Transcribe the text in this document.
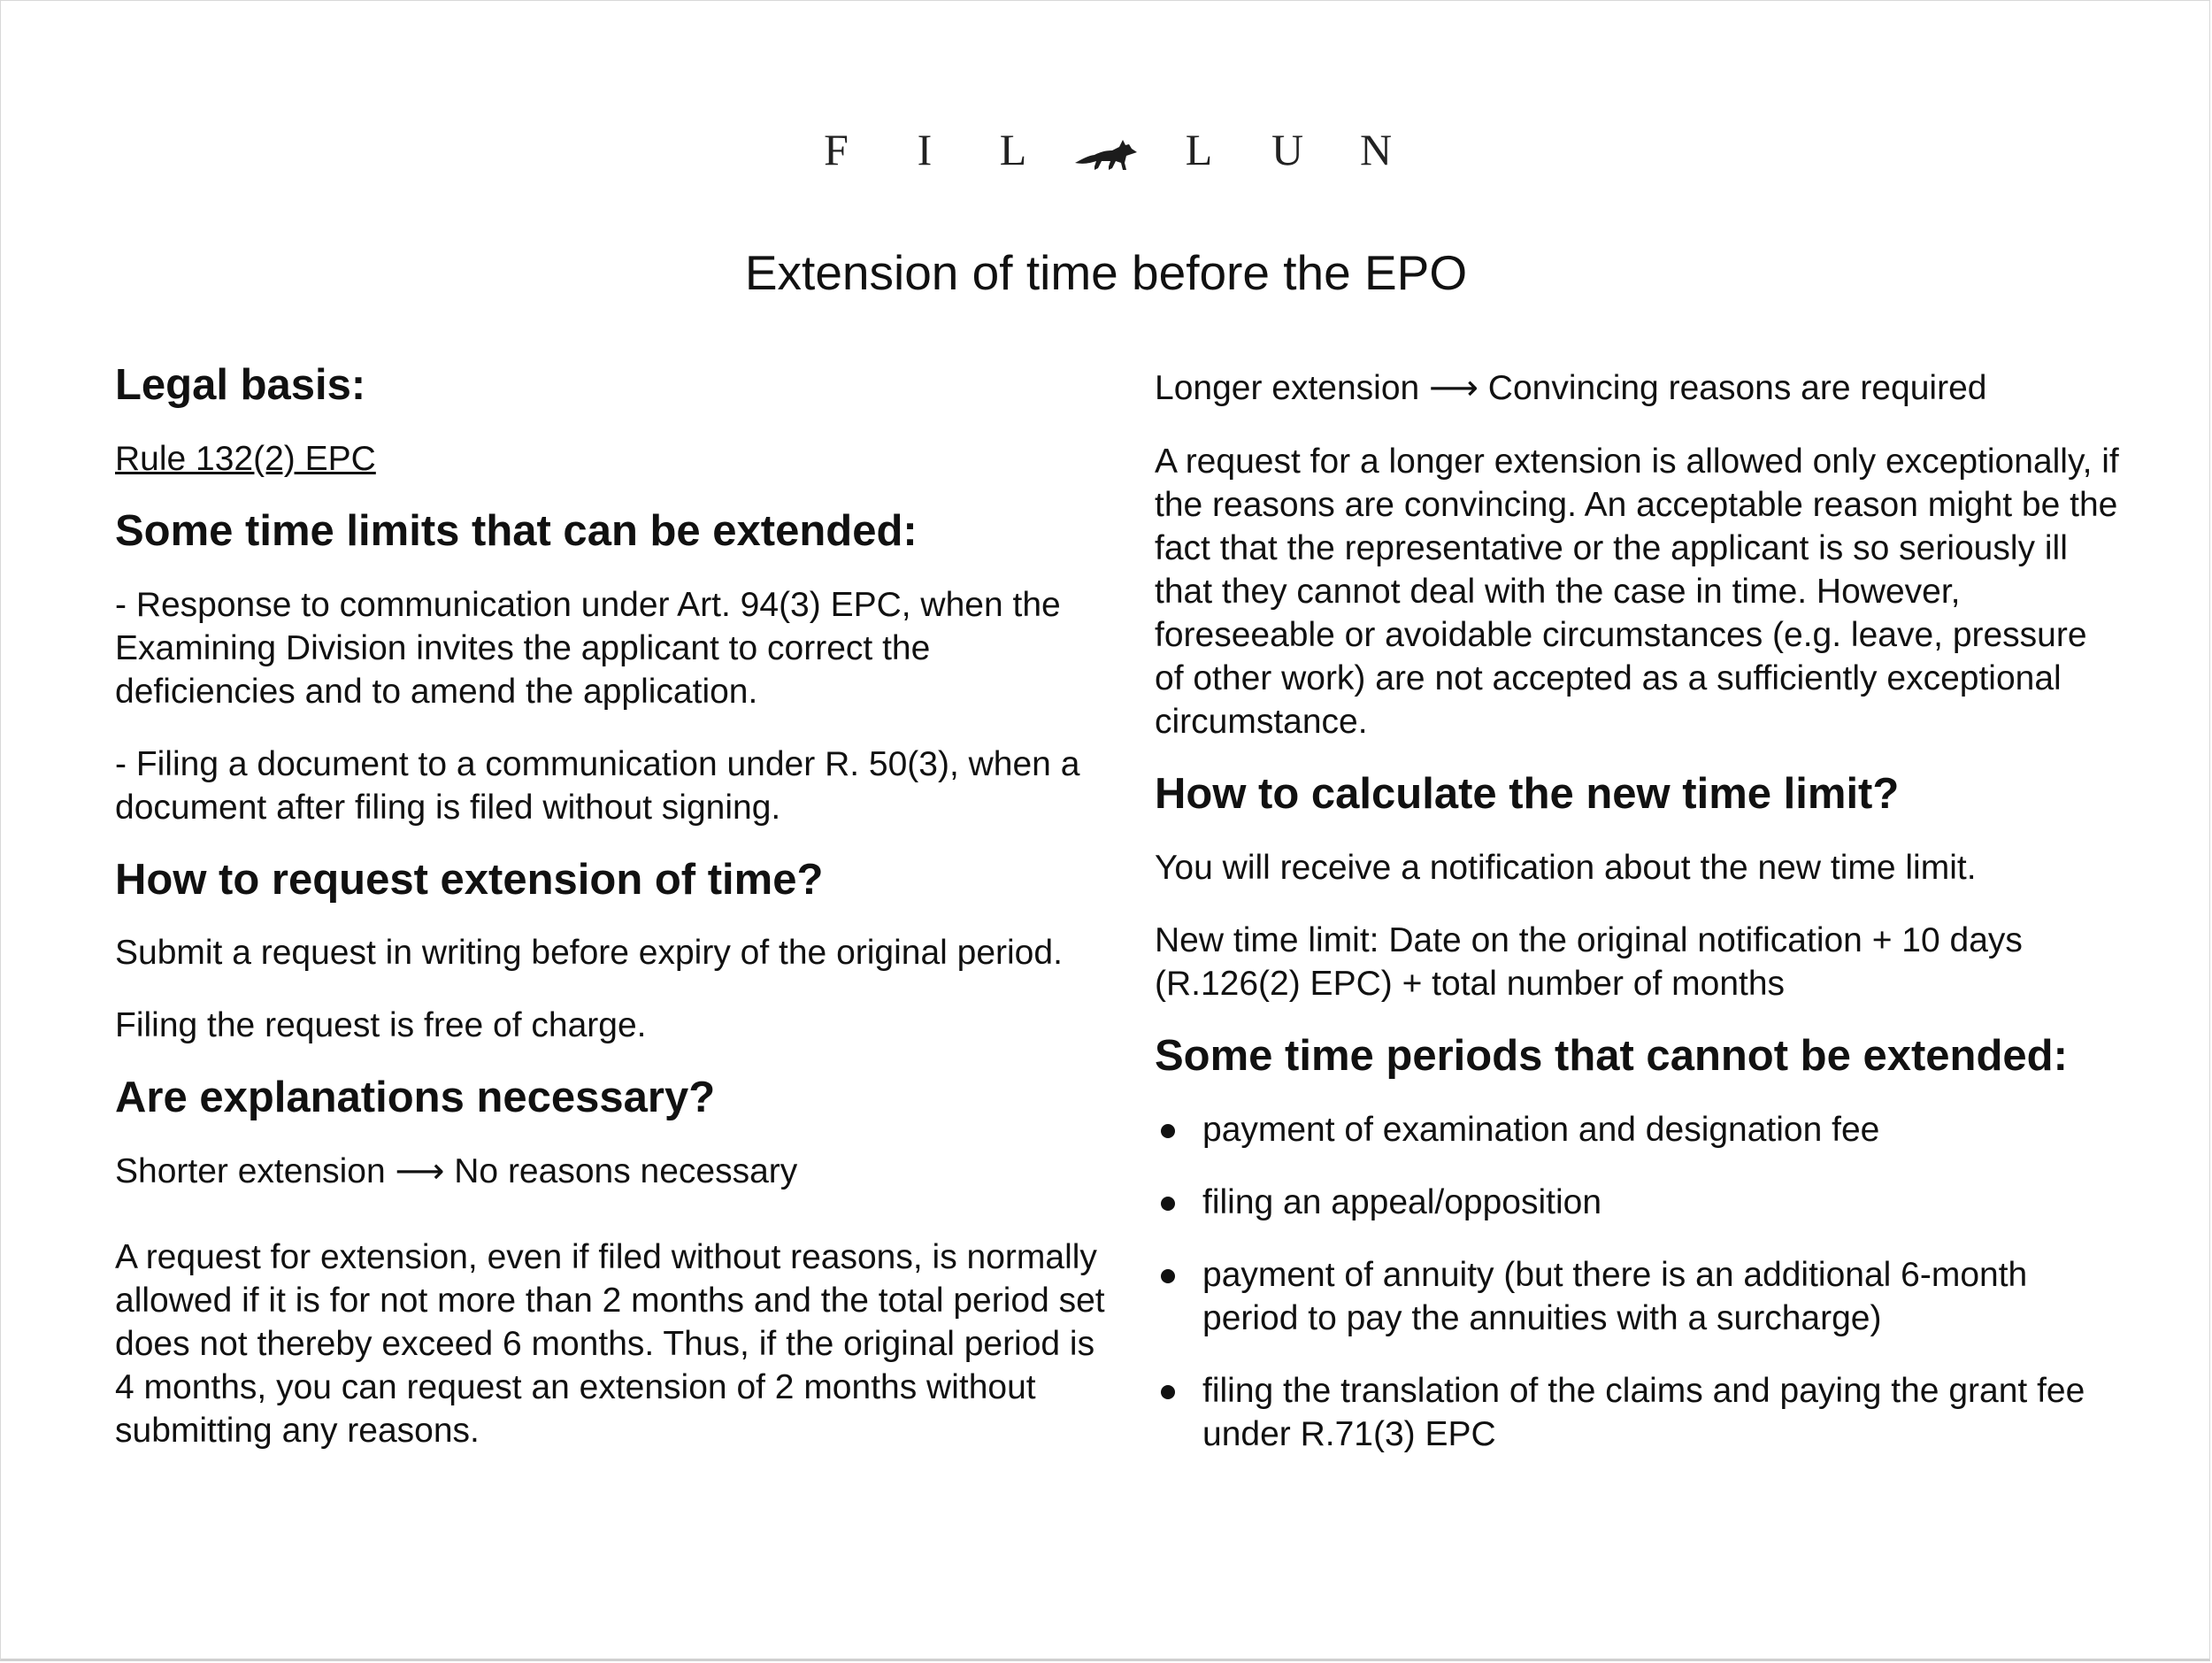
F	I	L	L	U	N
Extension of time before the EPO
Legal basis:

Rule 132(2) EPC

Some time limits that can be extended:

- Response to communication under Art. 94(3) EPC, when the Examining Division invites the applicant to correct the deficiencies and to amend the application.

- Filing a document to a communication under R. 50(3), when a document after filing is filed without signing.

How to request extension of time?

Submit a request in writing before expiry of the original period.

Filing the request is free of charge.

Are explanations necessary?

Shorter extension ⟶ No reasons necessary

A request for extension, even if filed without reasons, is normally allowed if it is for not more than 2 months and the total period set does not thereby exceed 6 months. Thus, if the original period is 4 months, you can request an extension of 2 months without submitting any reasons.

Longer extension ⟶ Convincing reasons are required

A request for a longer extension is allowed only exceptionally, if the reasons are convincing. An acceptable reason might be the fact that the representative or the applicant is so seriously ill that they cannot deal with the case in time. However, foreseeable or avoidable circumstances (e.g. leave, pressure of other work) are not accepted as a sufficiently exceptional circumstance.

How to calculate the new time limit?

You will receive a notification about the new time limit.

New time limit: Date on the original notification + 10 days (R.126(2) EPC) + total number of months

Some time periods that cannot be extended:
payment of examination and designation fee
filing an appeal/opposition
payment of annuity (but there is an additional 6-month period to pay the annuities with a surcharge)
filing the translation of the claims and paying the grant fee under R.71(3) EPC
